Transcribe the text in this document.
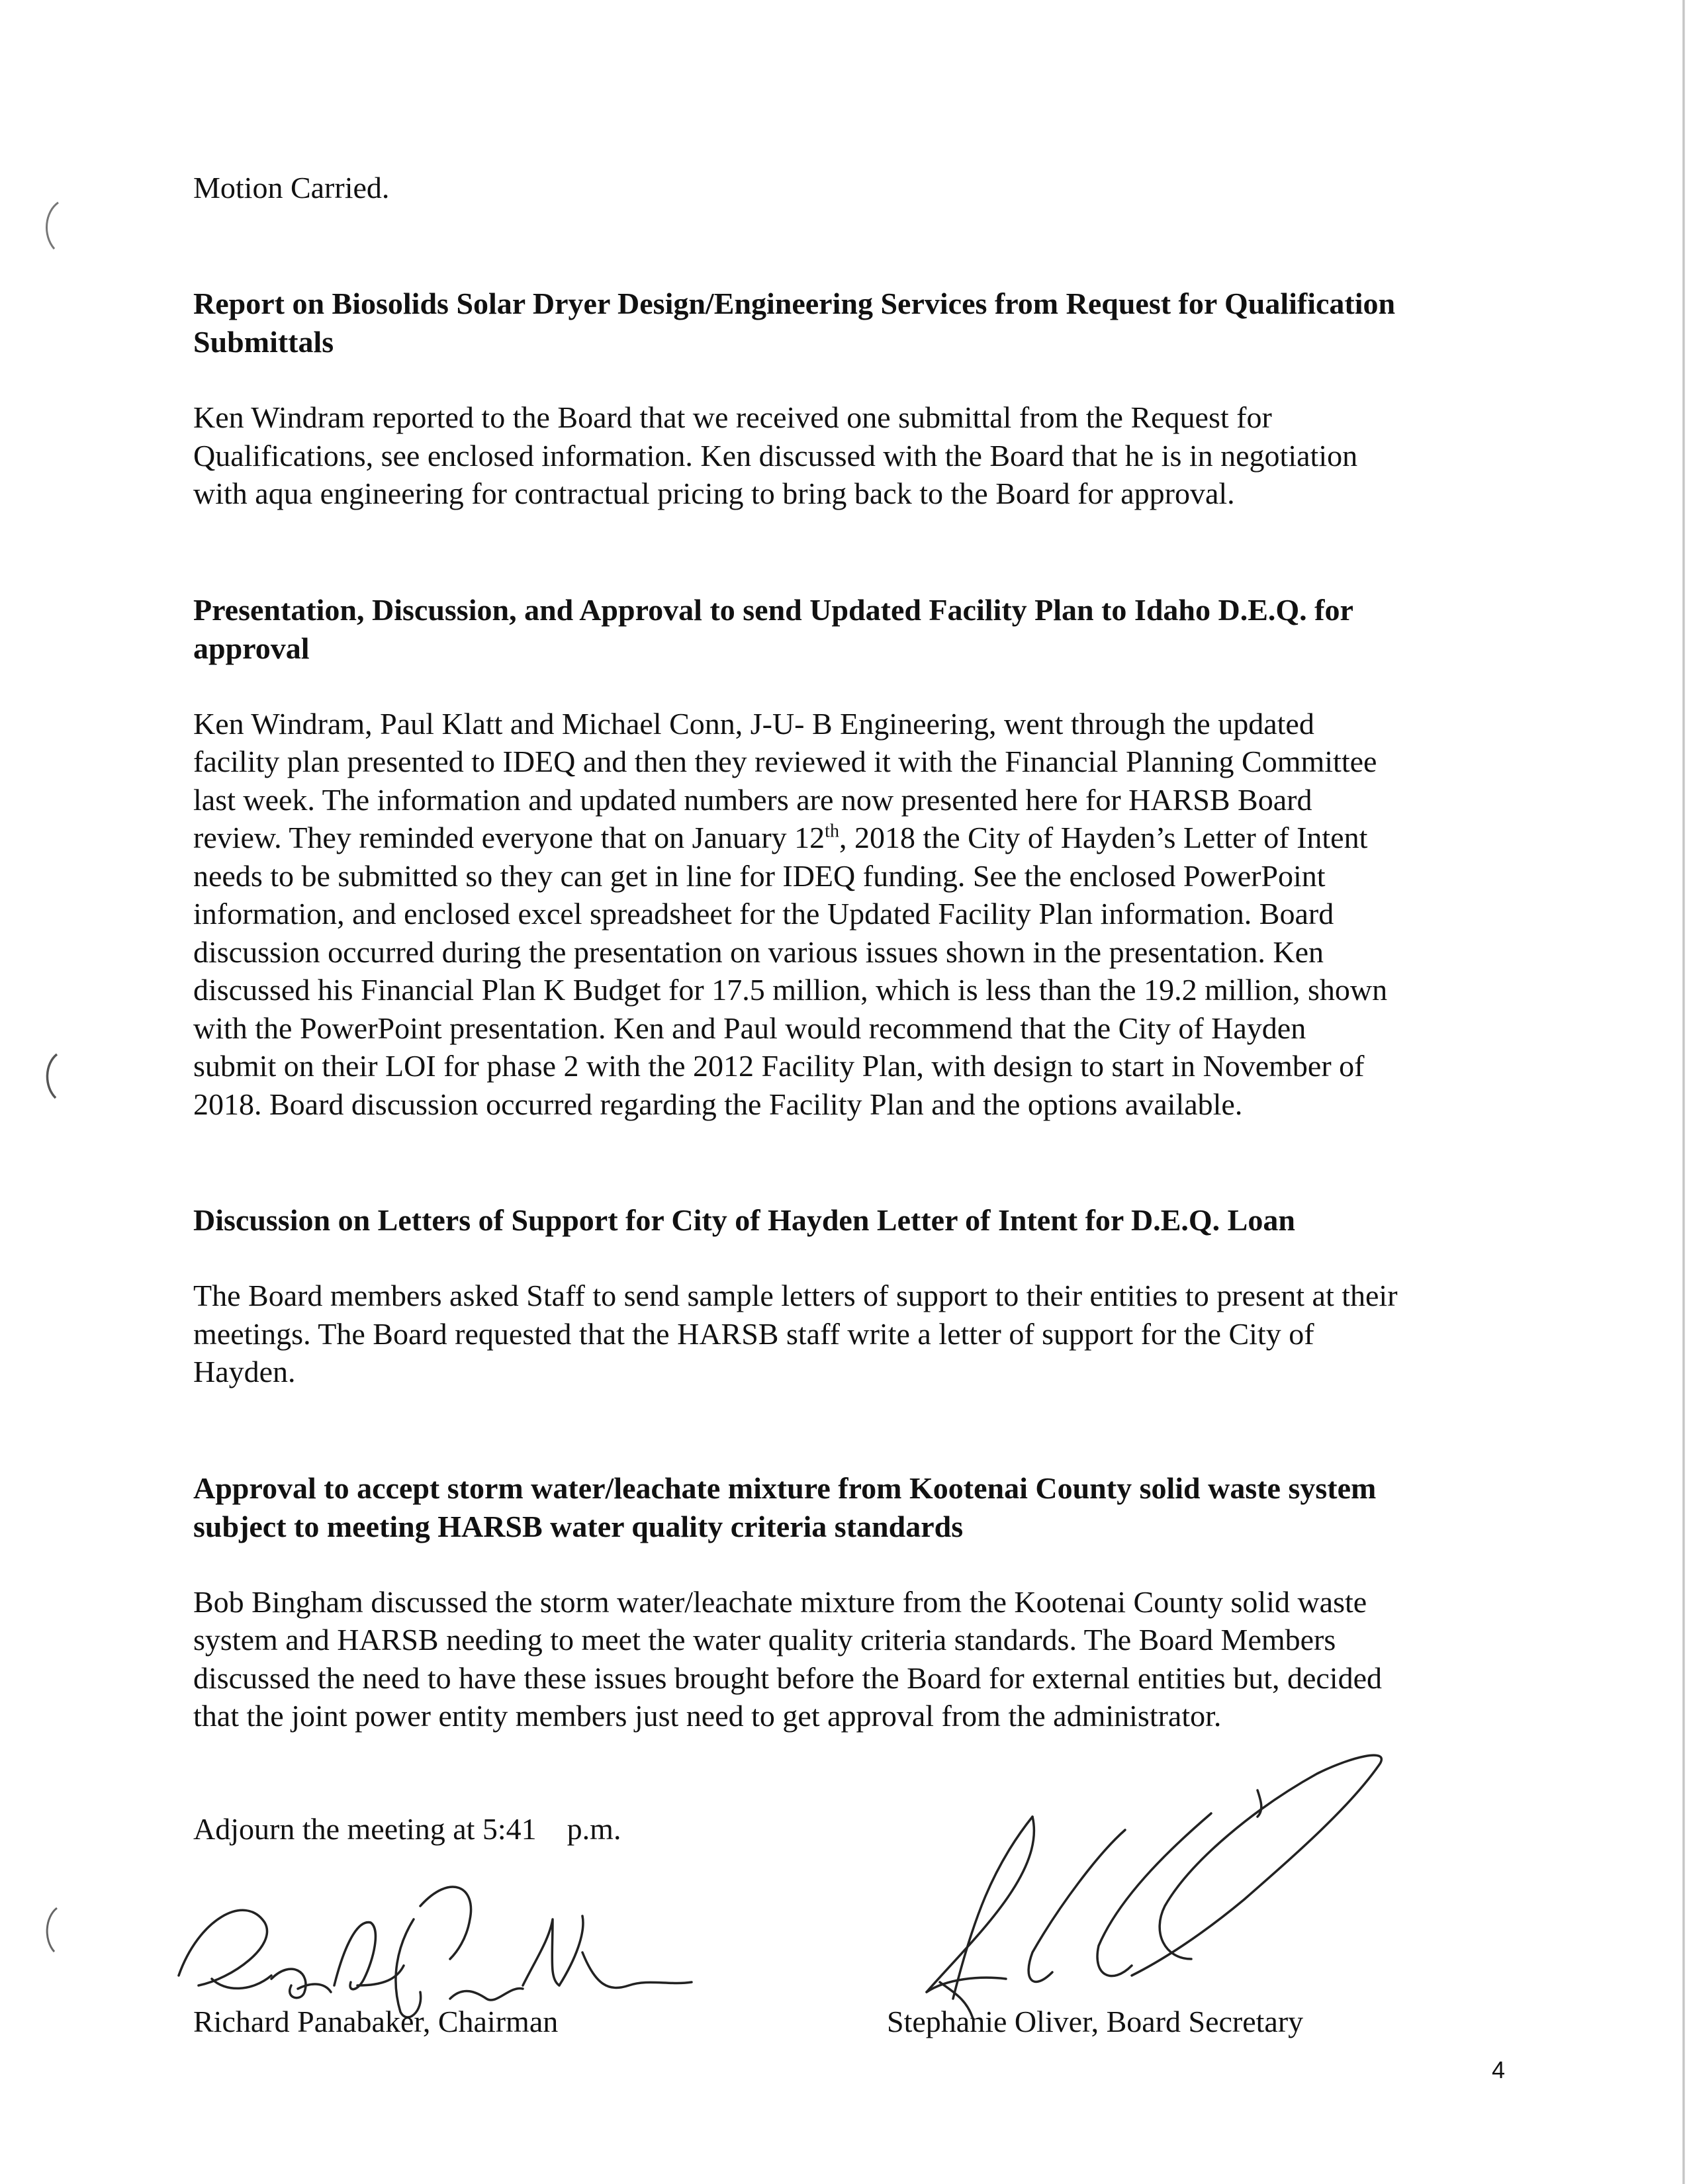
Motion Carried.

Report on Biosolids Solar Dryer Design/Engineering Services from Request for Qualification
Submittals

Ken Windram reported to the Board that we received one submittal from the Request for
Qualifications, see enclosed information. Ken discussed with the Board that he is in negotiation
with aqua engineering for contractual pricing to bring back to the Board for approval.

Presentation, Discussion, and Approval to send Updated Facility Plan to Idaho D.E.Q. for
approval

Ken Windram, Paul Klatt and Michael Conn, J-U- B Engineering, went through the updated
facility plan presented to IDEQ and then they reviewed it with the Financial Planning Committee
last week. The information and updated numbers are now presented here for HARSB Board
review. They reminded everyone that on January 12th, 2018 the City of Hayden’s Letter of Intent
needs to be submitted so they can get in line for IDEQ funding. See the enclosed PowerPoint
information, and enclosed excel spreadsheet for the Updated Facility Plan information. Board
discussion occurred during the presentation on various issues shown in the presentation. Ken
discussed his Financial Plan K Budget for 17.5 million, which is less than the 19.2 million, shown
with the PowerPoint presentation. Ken and Paul would recommend that the City of Hayden
submit on their LOI for phase 2 with the 2012 Facility Plan, with design to start in November of
2018. Board discussion occurred regarding the Facility Plan and the options available.

Discussion on Letters of Support for City of Hayden Letter of Intent for D.E.Q. Loan

The Board members asked Staff to send sample letters of support to their entities to present at their
meetings. The Board requested that the HARSB staff write a letter of support for the City of
Hayden.

Approval to accept storm water/leachate mixture from Kootenai County solid waste system
subject to meeting HARSB water quality criteria standards

Bob Bingham discussed the storm water/leachate mixture from the Kootenai County solid waste
system and HARSB needing to meet the water quality criteria standards. The Board Members
discussed the need to have these issues brought before the Board for external entities but, decided
that the joint power entity members just need to get approval from the administrator.

Adjourn the meeting at 5:41    p.m.

Richard Panabaker, Chairman	Stephanie Oliver, Board Secretary

4
